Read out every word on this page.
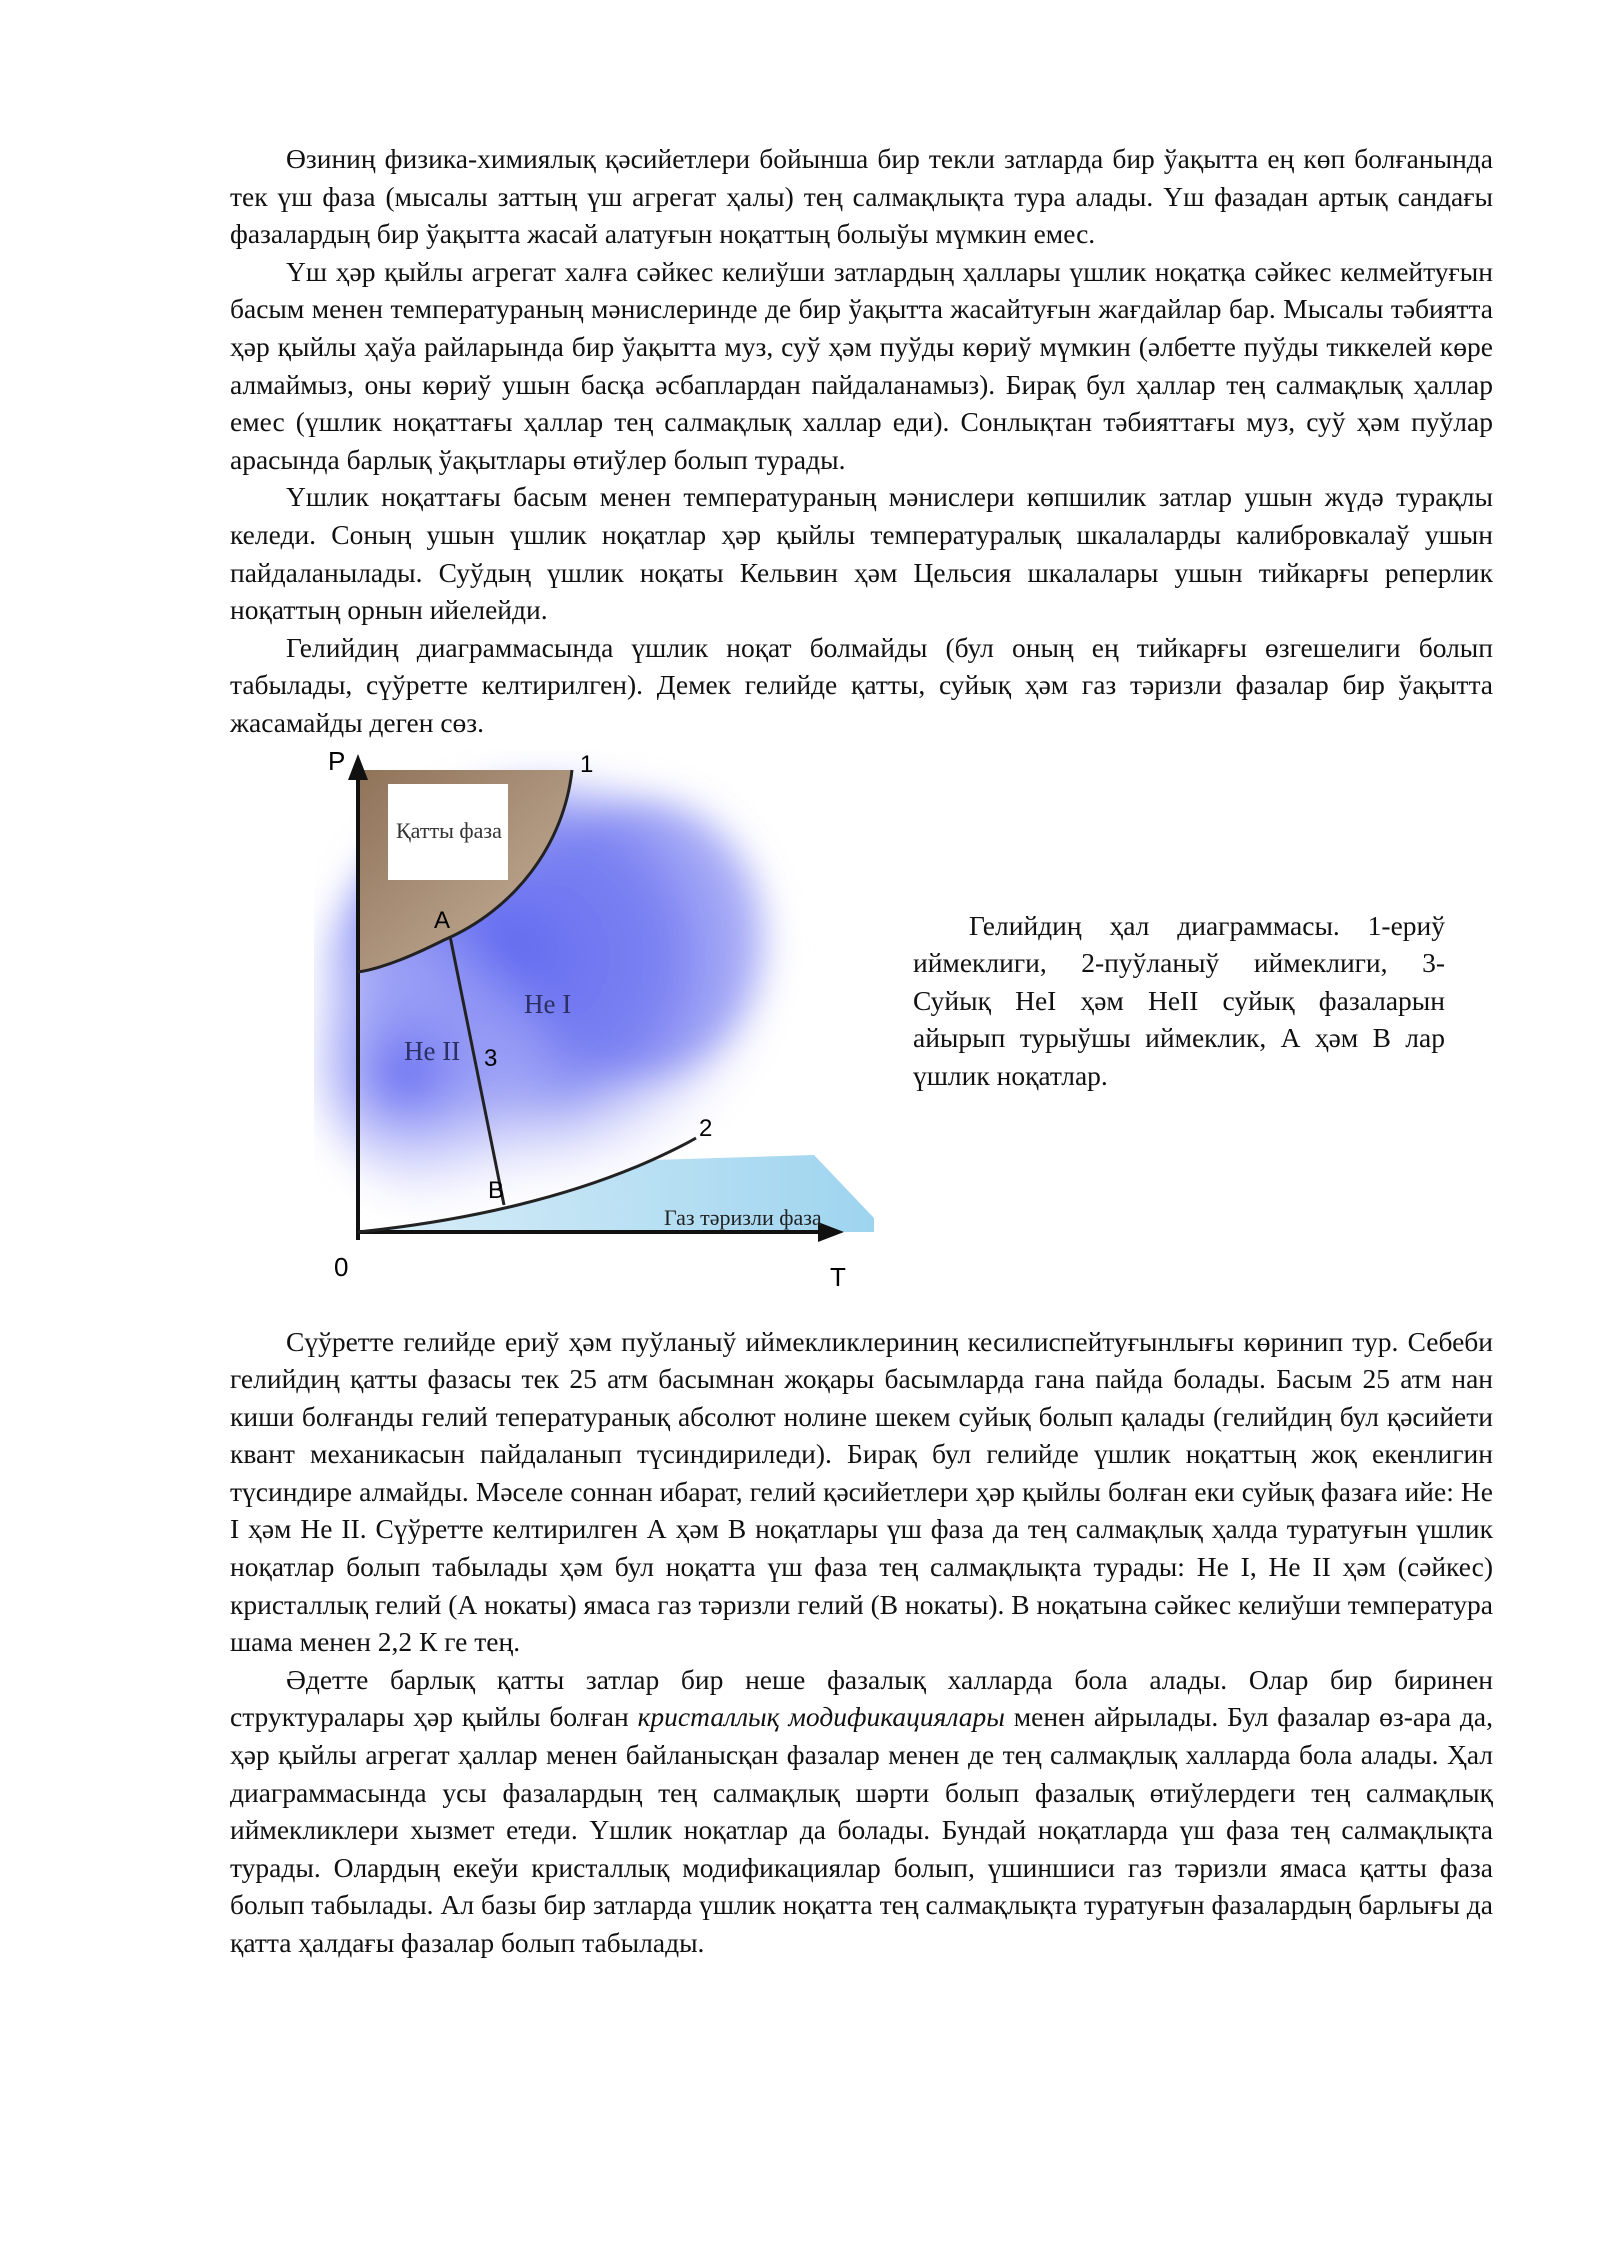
Өзиниң физика-химиялық қәсийетлери бойынша бир текли затларда бир ўақытта ең көп болғанында тек үш фаза (мысалы заттың үш агрегат ҳалы) тең салмақлықта тура алады. Үш фазадан артық сандағы фазалардың бир ўақытта жасай алатуғын ноқаттың болыўы мүмкин емес.

Үш ҳәр қыйлы агрегат халға сәйкес келиўши затлардың ҳаллары үшлик ноқатқа сәйкес келмейтуғын басым менен температураның мәнислеринде де бир ўақытта жасайтуғын жағдайлар бар. Мысалы тәбиятта ҳәр қыйлы ҳаўа райларында бир ўақытта муз, суў ҳәм пуўды көриў мүмкин (әлбетте пуўды тиккелей көре алмаймыз, оны көриў ушын басқа әсбаплардан пайдаланамыз). Бирақ бул ҳаллар тең салмақлық ҳаллар емес (үшлик ноқаттағы ҳаллар тең салмақлық халлар еди). Сонлықтан тәбияттағы муз, суў ҳәм пуўлар арасында барлық ўақытлары өтиўлер болып турады.

Үшлик ноқаттағы басым менен температураның мәнислери көпшилик затлар ушын жүдә турақлы келеди. Соның ушын үшлик ноқатлар ҳәр қыйлы температуралық шкалаларды калибровкалаў ушын пайдаланылады. Суўдың үшлик ноқаты Кельвин ҳәм Цельсия шкалалары ушын тийкарғы реперлик ноқаттың орнын ийелейди.

Гелийдиң диаграммасында үшлик ноқат болмайды (бул оның ең тийкарғы өзгешелиги болып табылады, сүўретте келтирилген). Демек гелийде қатты, суйық ҳәм газ тәризли фазалар бир ўақытта жасамайды деген сөз.

P
T
0
1
2
3
A
B
Қатты фаза
He I
He II
Газ тәризли фаза

Гелийдиң ҳал диаграммасы. 1-ериў иймеклиги, 2-пуўланыў иймеклиги, 3- Суйық НеI ҳәм НеII суйық фазаларын айырып турыўшы иймеклик, А ҳәм В лар үшлик ноқатлар.

Сүўретте гелийде ериў ҳәм пуўланыў иймекликлериниң кесилиспейтуғынлығы көринип тур. Себеби гелийдиң қатты фазасы тек 25 атм басымнан жоқары басымларда гана пайда болады. Басым 25 атм нан киши болғанды гелий тепературанық абсолют нолине шекем суйық болып қалады (гелийдиң бул қәсийети квант механикасын пайдаланып түсиндириледи). Бирақ бул гелийде үшлик ноқаттың жоқ екенлигин түсиндире алмайды. Мәселе соннан ибарат, гелий қәсийетлери ҳәр қыйлы болған еки суйық фазаға ийе: Не I ҳәм Не II. Сүўретте келтирилген А ҳәм В ноқатлары үш фаза да тең салмақлық ҳалда туратуғын үшлик ноқатлар болып табылады ҳәм бул ноқатта үш фаза тең салмақлықта турады: Не I, Не II ҳәм (сәйкес) кристаллық гелий (А нокаты) ямаса газ тәризли гелий (В нокаты). В ноқатына сәйкес келиўши температура шама менен 2,2 К ге тең.

Әдетте барлық қатты затлар бир неше фазалық халларда бола алады. Олар бир биринен структуралары ҳәр қыйлы болған кристаллық модификациялары менен айрылады. Бул фазалар өз-ара да, ҳәр қыйлы агрегат ҳаллар менен байланысқан фазалар менен де тең салмақлық халларда бола алады. Ҳал диаграммасында усы фазалардың тең салмақлық шәрти болып фазалық өтиўлердеги тең салмақлық иймекликлери хызмет етеди. Үшлик ноқатлар да болады. Бундай ноқатларда үш фаза тең салмақлықта турады. Олардың екеўи кристаллық модификациялар болып, үшиншиси газ тәризли ямаса қатты фаза болып табылады. Ал базы бир затларда үшлик ноқатта тең салмақлықта туратуғын фазалардың барлығы да қатта ҳалдағы фазалар болып табылады.
